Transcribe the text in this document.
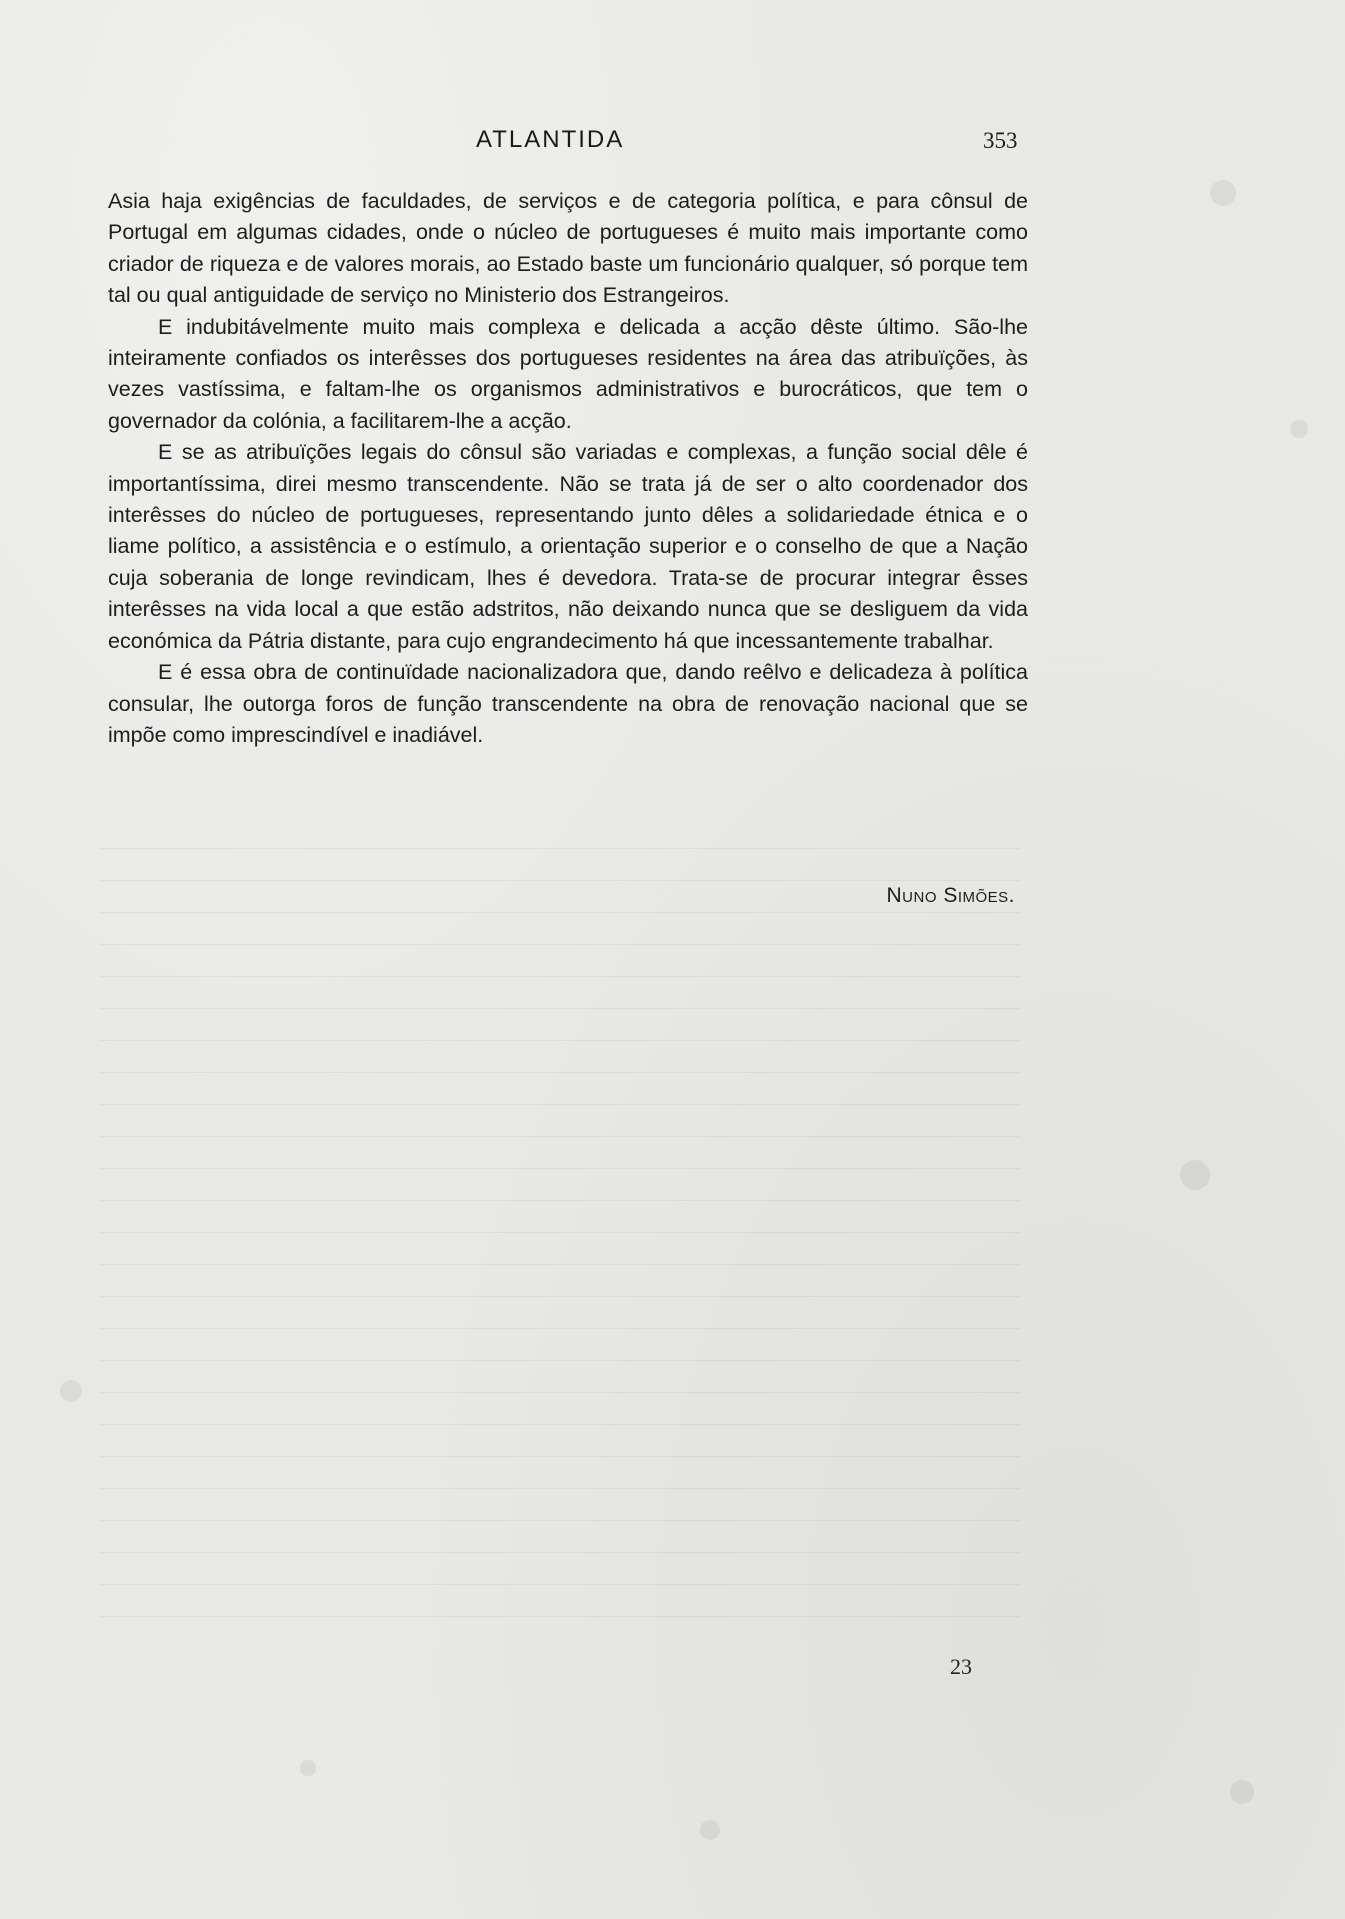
ATLANTIDA	353

Asia haja exigências de faculdades, de serviços e de categoria política, e para cônsul de Portugal em algumas cidades, onde o núcleo de portugueses é muito mais importante como criador de riqueza e de valores morais, ao Estado baste um funcionário qualquer, só porque tem tal ou qual antiguidade de serviço no Ministerio dos Estrangeiros.

E indubitávelmente muito mais complexa e delicada a acção dêste último. São-lhe inteiramente confiados os interêsses dos portugueses residentes na área das atribuïções, às vezes vastíssima, e faltam-lhe os organismos administrativos e burocráticos, que tem o governador da colónia, a facilitarem-lhe a acção.

E se as atribuïções legais do cônsul são variadas e complexas, a função social dêle é importantíssima, direi mesmo transcendente. Não se trata já de ser o alto coordenador dos interêsses do núcleo de portugueses, representando junto dêles a solidariedade étnica e o liame político, a assistência e o estímulo, a orientação superior e o conselho de que a Nação cuja soberania de longe revindicam, lhes é devedora. Trata-se de procurar integrar êsses interêsses na vida local a que estão adstritos, não deixando nunca que se desliguem da vida económica da Pátria distante, para cujo engrandecimento há que incessantemente trabalhar.

E é essa obra de continuïdade nacionalizadora que, dando reêlvo e delicadeza à política consular, lhe outorga foros de função transcendente na obra de renovação nacional que se impõe como imprescindível e inadiável.

Nuno Simões.
23
